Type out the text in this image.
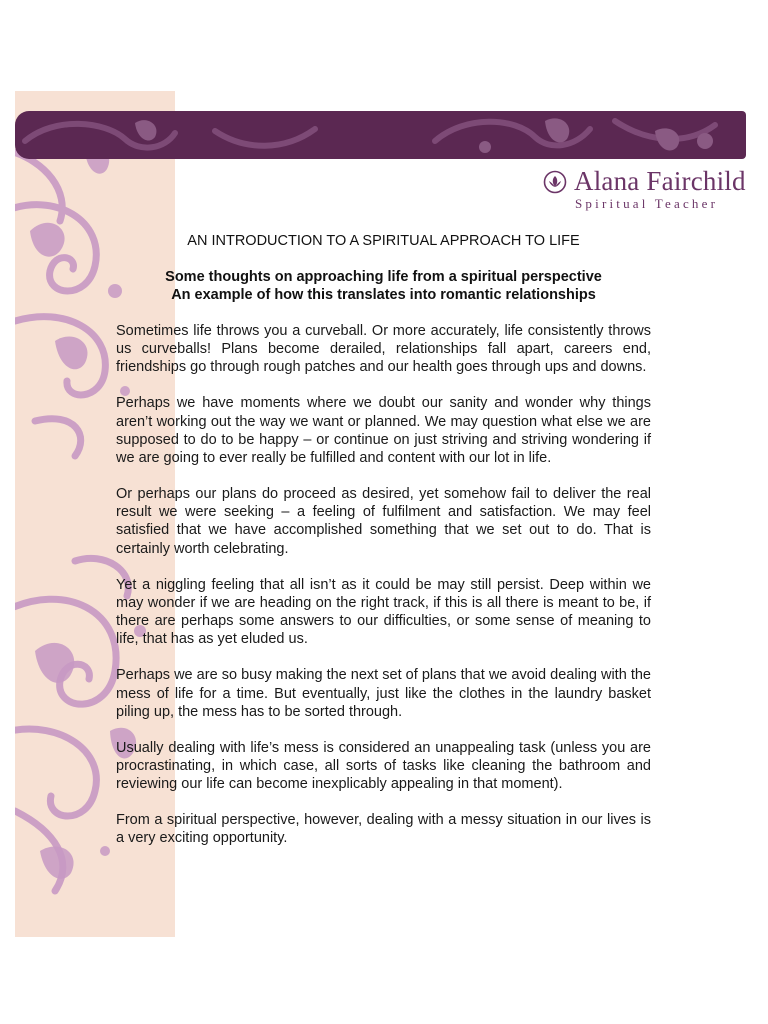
Alana Fairchild
Spiritual Teacher
AN INTRODUCTION TO A SPIRITUAL APPROACH TO LIFE
Some thoughts on approaching life from a spiritual perspective
An example of how this translates into romantic relationships

Sometimes life throws you a curveball. Or more accurately, life consistently throws us curveballs! Plans become derailed, relationships fall apart, careers end, friendships go through rough patches and our health goes through ups and downs.

Perhaps we have moments where we doubt our sanity and wonder why things aren’t working out the way we want or planned. We may question what else we are supposed to do to be happy – or continue on just striving and striving wondering if we are going to ever really be fulfilled and content with our lot in life.

Or perhaps our plans do proceed as desired, yet somehow fail to deliver the real result we were seeking – a feeling of fulfilment and satisfaction. We may feel satisfied that we have accomplished something that we set out to do. That is certainly worth celebrating.

Yet a niggling feeling that all isn’t as it could be may still persist. Deep within we may wonder if we are heading on the right track, if this is all there is meant to be, if there are perhaps some answers to our difficulties, or some sense of meaning to life, that has as yet eluded us.

Perhaps we are so busy making the next set of plans that we avoid dealing with the mess of life for a time. But eventually, just like the clothes in the laundry basket piling up, the mess has to be sorted through.

Usually dealing with life’s mess is considered an unappealing task (unless you are procrastinating, in which case, all sorts of tasks like cleaning the bathroom and reviewing our life can become inexplicably appealing in that moment).

From a spiritual perspective, however, dealing with a messy situation in our lives is a very exciting opportunity.
